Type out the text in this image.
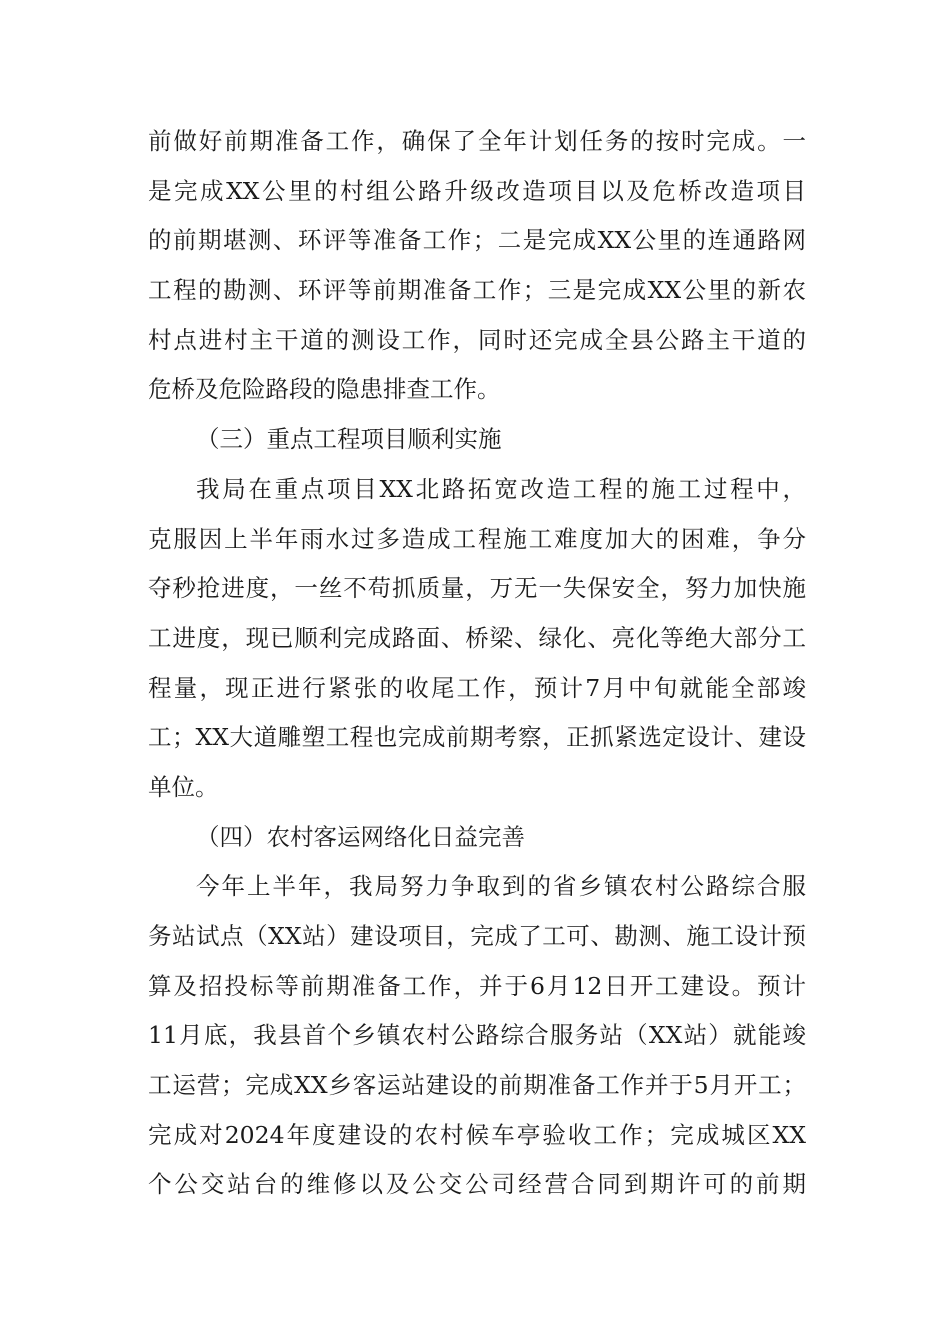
前做好前期准备工作，确保了全年计划任务的按时完成。一
是完成XX公里的村组公路升级改造项目以及危桥改造项目
的前期堪测、环评等准备工作；二是完成XX公里的连通路网
工程的勘测、环评等前期准备工作；三是完成XX公里的新农
村点进村主干道的测设工作，同时还完成全县公路主干道的
危桥及危险路段的隐患排查工作。
（三）重点工程项目顺利实施
我局在重点项目XX北路拓宽改造工程的施工过程中，
克服因上半年雨水过多造成工程施工难度加大的困难，争分
夺秒抢进度，一丝不苟抓质量，万无一失保安全，努力加快施
工进度，现已顺利完成路面、桥梁、绿化、亮化等绝大部分工
程量，现正进行紧张的收尾工作，预计7月中旬就能全部竣
工；XX大道雕塑工程也完成前期考察，正抓紧选定设计、建设
单位。
（四）农村客运网络化日益完善
今年上半年，我局努力争取到的省乡镇农村公路综合服
务站试点（XX站）建设项目，完成了工可、勘测、施工设计预
算及招投标等前期准备工作，并于6月12日开工建设。预计
11月底，我县首个乡镇农村公路综合服务站（XX站）就能竣
工运营；完成XX乡客运站建设的前期准备工作并于5月开工；
完成对2024年度建设的农村候车亭验收工作；完成城区XX
个公交站台的维修以及公交公司经营合同到期许可的前期
